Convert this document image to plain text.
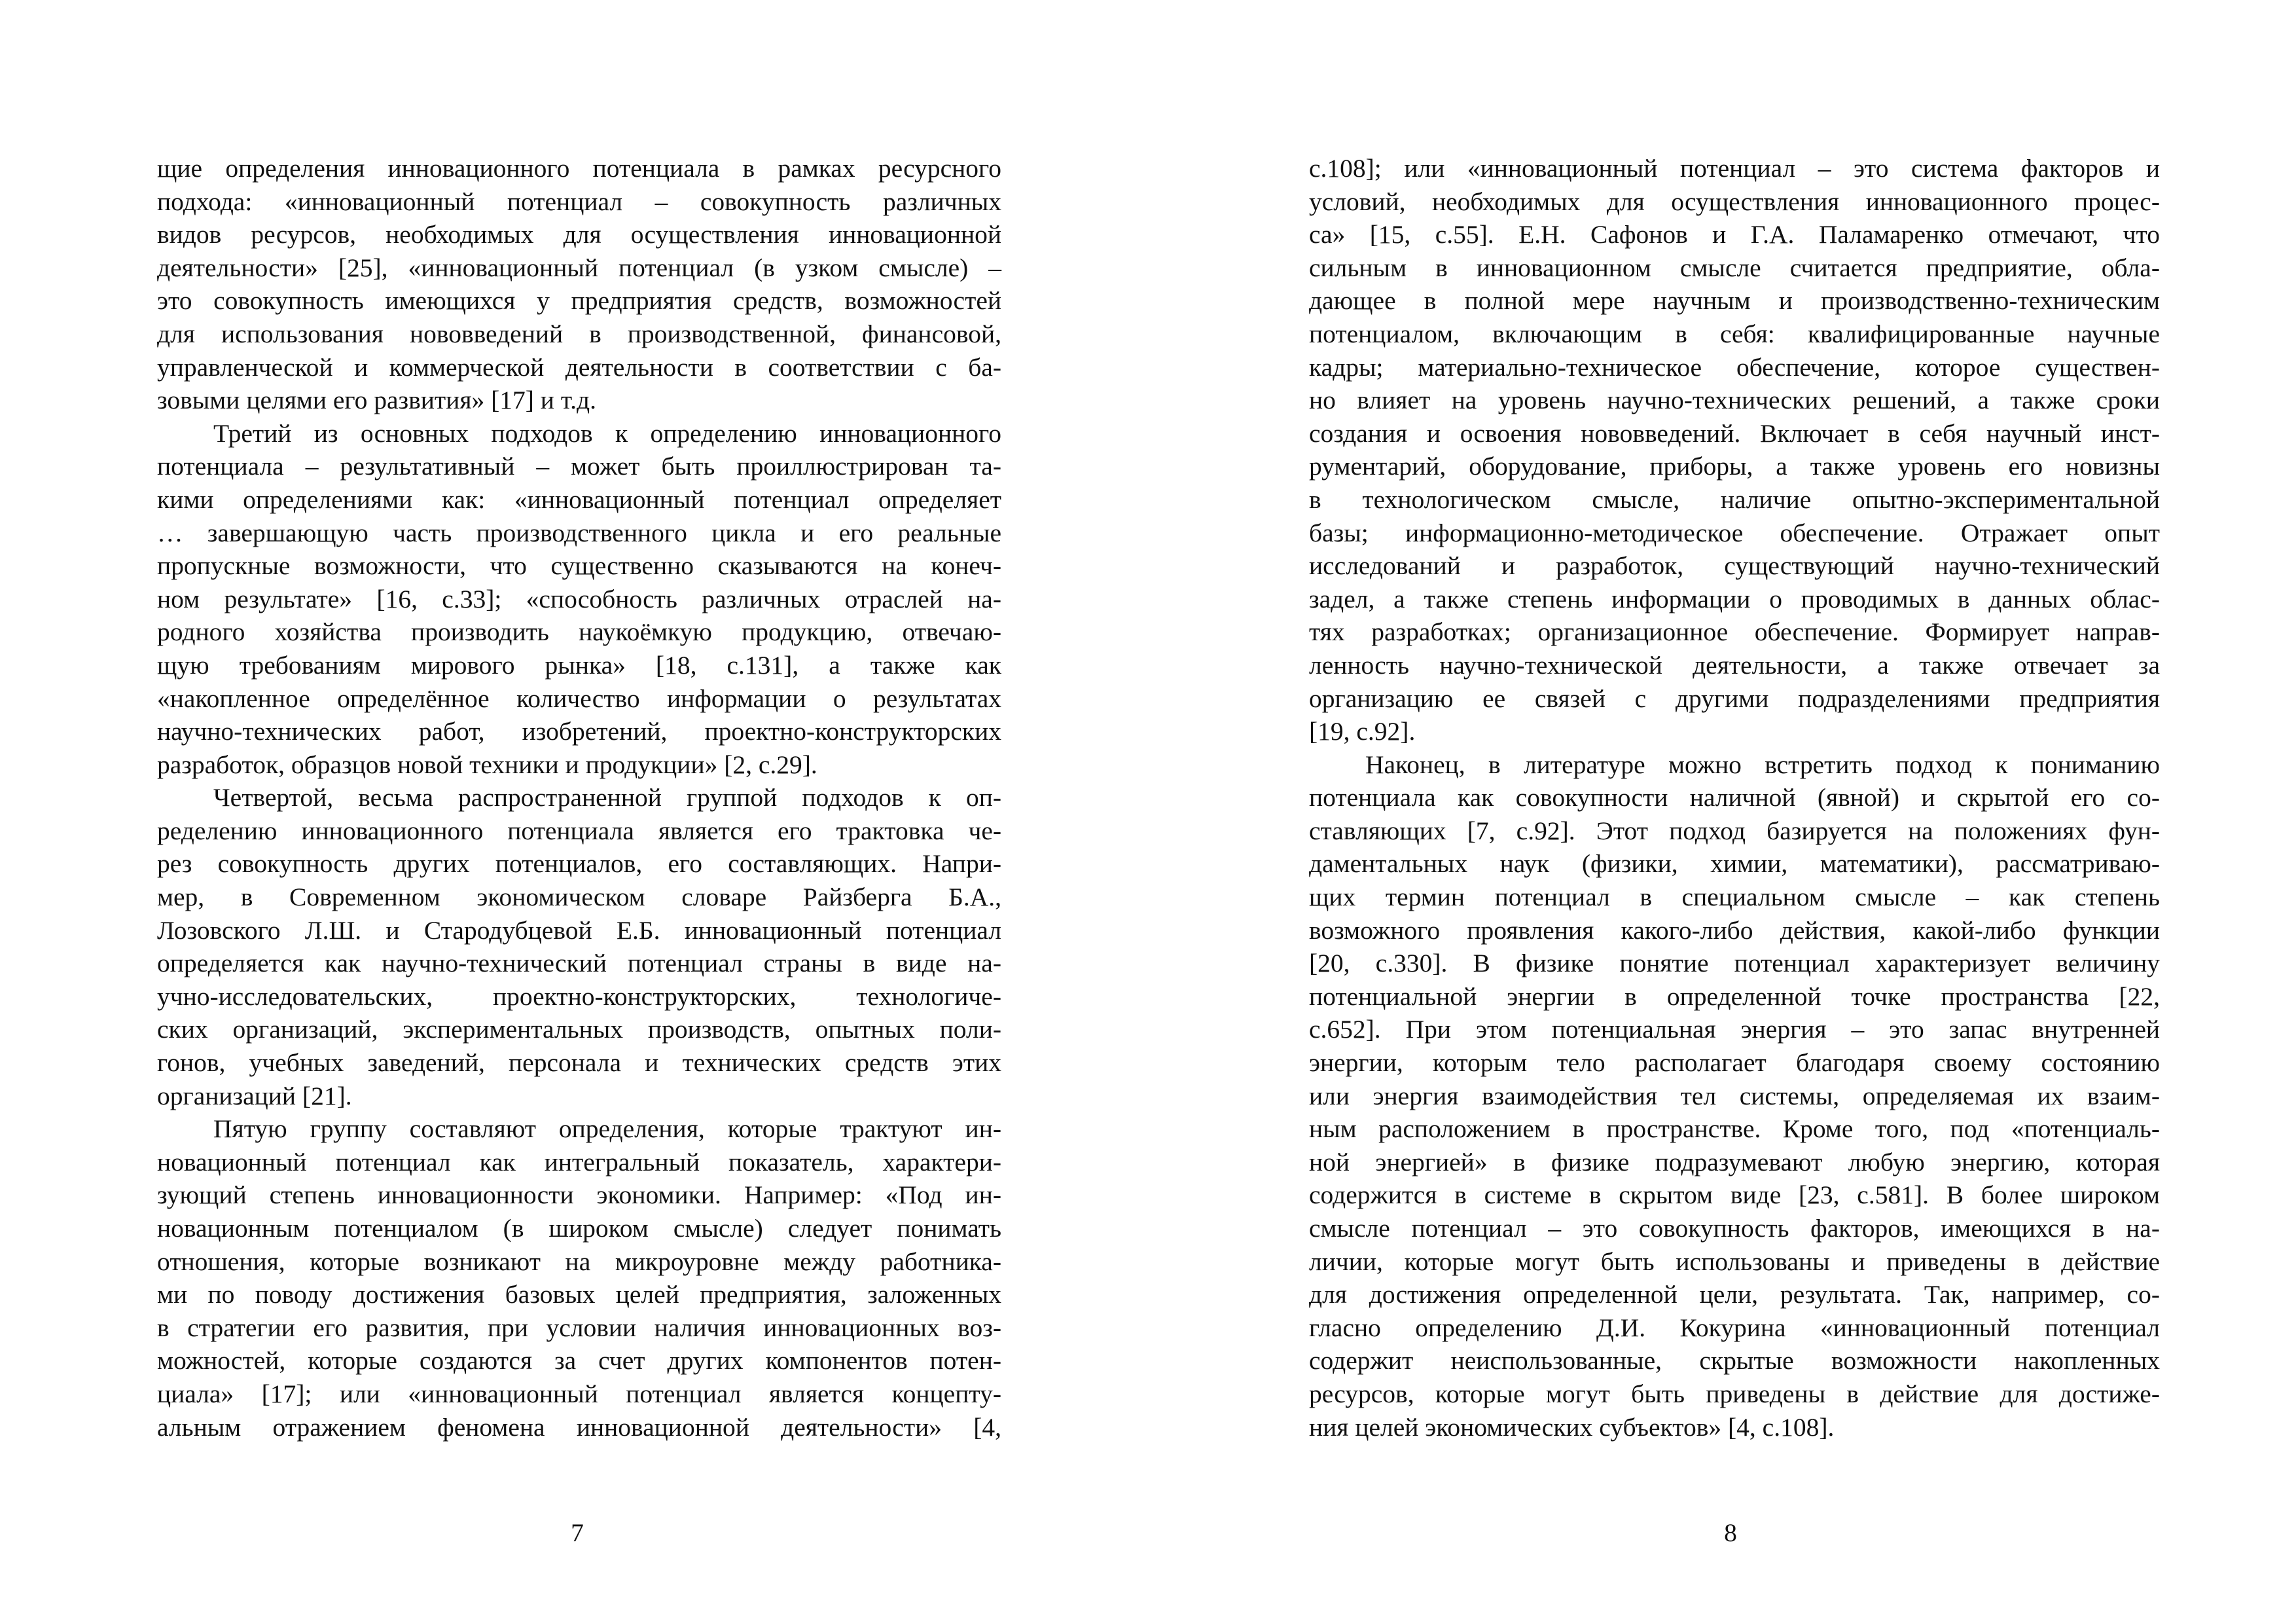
щие определения инновационного потенциала в рамках ресурсного
подхода: «инновационный потенциал – совокупность различных
видов ресурсов, необходимых для осуществления инновационной
деятельности» [25], «инновационный потенциал (в узком смысле) –
это совокупность имеющихся у предприятия средств, возможностей
для использования нововведений в производственной, финансовой,
управленческой и коммерческой деятельности в соответствии с ба-
зовыми целями его развития» [17] и т.д.
Третий из основных подходов к определению инновационного
потенциала – результативный – может быть проиллюстрирован та-
кими определениями как: «инновационный потенциал определяет
… завершающую часть производственного цикла и его реальные
пропускные возможности, что существенно сказываются на конеч-
ном результате» [16, с.33]; «способность различных отраслей на-
родного хозяйства производить наукоёмкую продукцию, отвечаю-
щую требованиям мирового рынка» [18, с.131], а также как
«накопленное определённое количество информации о результатах
научно-технических работ, изобретений, проектно-конструкторских
разработок, образцов новой техники и продукции» [2, с.29].
Четвертой, весьма распространенной группой подходов к оп-
ределению инновационного потенциала является его трактовка че-
рез совокупность других потенциалов, его составляющих. Напри-
мер, в Современном экономическом словаре Райзберга Б.А.,
Лозовского Л.Ш. и Стародубцевой Е.Б. инновационный потенциал
определяется как научно-технический потенциал страны в виде на-
учно-исследовательских, проектно-конструкторских, технологиче-
ских организаций, экспериментальных производств, опытных поли-
гонов, учебных заведений, персонала и технических средств этих
организаций [21].
Пятую группу составляют определения, которые трактуют ин-
новационный потенциал как интегральный показатель, характери-
зующий степень инновационности экономики. Например: «Под ин-
новационным потенциалом (в широком смысле) следует понимать
отношения, которые возникают на микроуровне между работника-
ми по поводу достижения базовых целей предприятия, заложенных
в стратегии его развития, при условии наличия инновационных воз-
можностей, которые создаются за счет других компонентов потен-
циала» [17]; или «инновационный потенциал является концепту-
альным отражением феномена инновационной деятельности» [4,
с.108]; или «инновационный потенциал – это система факторов и
условий, необходимых для осуществления инновационного процес-
са» [15, с.55]. Е.Н. Сафонов и Г.А. Паламаренко отмечают, что
сильным в инновационном смысле считается предприятие, обла-
дающее в полной мере научным и производственно-техническим
потенциалом, включающим в себя: квалифицированные научные
кадры; материально-техническое обеспечение, которое существен-
но влияет на уровень научно-технических решений, а также сроки
создания и освоения нововведений. Включает в себя научный инст-
рументарий, оборудование, приборы, а также уровень его новизны
в технологическом смысле, наличие опытно-экспериментальной
базы; информационно-методическое обеспечение. Отражает опыт
исследований и разработок, существующий научно-технический
задел, а также степень информации о проводимых в данных облас-
тях разработках; организационное обеспечение. Формирует направ-
ленность научно-технической деятельности, а также отвечает за
организацию ее связей с другими подразделениями предприятия
[19, с.92].
Наконец, в литературе можно встретить подход к пониманию
потенциала как совокупности наличной (явной) и скрытой его со-
ставляющих [7, с.92]. Этот подход базируется на положениях фун-
даментальных наук (физики, химии, математики), рассматриваю-
щих термин потенциал в специальном смысле – как степень
возможного проявления какого-либо действия, какой-либо функции
[20, с.330]. В физике понятие потенциал характеризует величину
потенциальной энергии в определенной точке пространства [22,
с.652]. При этом потенциальная энергия – это запас внутренней
энергии, которым тело располагает благодаря своему состоянию
или энергия взаимодействия тел системы, определяемая их взаим-
ным расположением в пространстве. Кроме того, под «потенциаль-
ной энергией» в физике подразумевают любую энергию, которая
содержится в системе в скрытом виде [23, с.581]. В более широком
смысле потенциал – это совокупность факторов, имеющихся в на-
личии, которые могут быть использованы и приведены в действие
для достижения определенной цели, результата. Так, например, со-
гласно определению Д.И. Кокурина «инновационный потенциал
содержит неиспользованные, скрытые возможности накопленных
ресурсов, которые могут быть приведены в действие для достиже-
ния целей экономических субъектов» [4, с.108].
7	8
